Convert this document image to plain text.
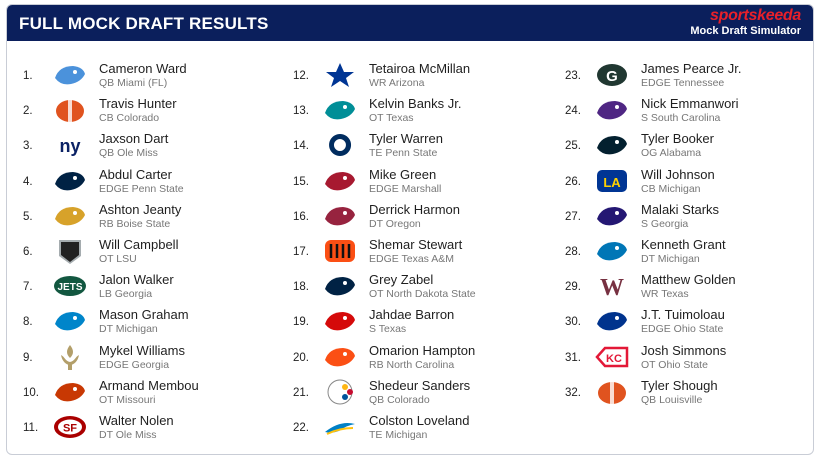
FULL MOCK DRAFT RESULTS	sportskeeda
Mock Draft Simulator
1.	Cameron Ward
QB Miami (FL)
2.	Travis Hunter
CB Colorado
3.	ny Jaxson Dart
QB Ole Miss
4.	Abdul Carter
EDGE Penn State
5.	Ashton Jeanty
RB Boise State
6.	Will Campbell
OT LSU
7.	JETS
Jalon Walker
LB Georgia
8.	Mason Graham
DT Michigan
9.	Mykel Williams
EDGE Georgia
10.	Armand Membou
OT Missouri
11.	SF
Walter Nolen
DT Ole Miss
12.	Tetairoa McMillan
WR Arizona
13.	Kelvin Banks Jr.
OT Texas
14.	Tyler Warren
TE Penn State
15.	Mike Green
EDGE Marshall
16.	Derrick Harmon
DT Oregon
17.	Shemar Stewart
EDGE Texas A&M
18.	Grey Zabel
OT North Dakota State
19.	Jahdae Barron
S Texas
20.	Omarion Hampton
RB North Carolina
21.	Shedeur Sanders
QB Colorado
22.	Colston Loveland
TE Michigan
23.	G James Pearce Jr.
EDGE Tennessee
24.	Nick Emmanwori
S South Carolina
25.	Tyler Booker
OG Alabama
26.	LA
Will Johnson
CB Michigan
27.	Malaki Starks
S Georgia
28.	Kenneth Grant
DT Michigan
29. W Matthew Golden
WR Texas
30.	J.T. Tuimoloau
EDGE Ohio State
31.	KC
Josh Simmons
OT Ohio State
32.	Tyler Shough
QB Louisville
